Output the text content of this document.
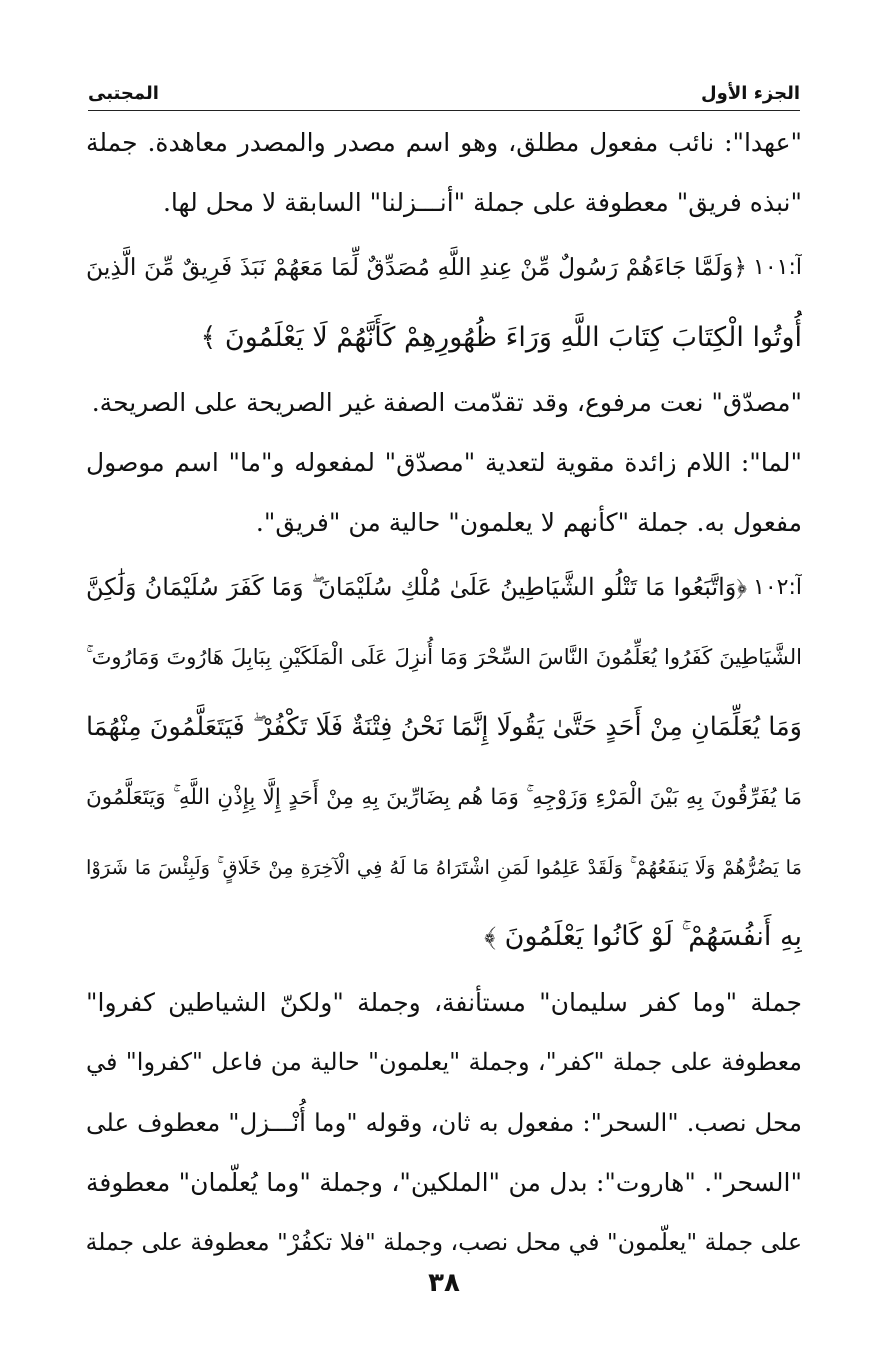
الجزء الأول
المجتبى
"عهدا": نائب مفعول مطلق، وهو اسم مصدر والمصدر معاهدة. جملة
"نبذه فريق" معطوفة على جملة "أنـــزلنا" السابقة لا محل لها.
آ:١٠١
﴿وَلَمَّا جَاءَهُمْ رَسُولٌ مِّنْ عِندِ اللَّهِ مُصَدِّقٌ لِّمَا مَعَهُمْ نَبَذَ فَرِيقٌ مِّنَ الَّذِينَ
أُوتُوا الْكِتَابَ كِتَابَ اللَّهِ وَرَاءَ ظُهُورِهِمْ كَأَنَّهُمْ لَا يَعْلَمُونَ ﴾
"مصدّق" نعت مرفوع، وقد تقدّمت الصفة غير الصريحة على الصريحة.
"لما": اللام زائدة مقوية لتعدية "مصدّق" لمفعوله و"ما" اسم موصول
مفعول به. جملة "كأنهم لا يعلمون" حالية من "فريق".
آ:١٠٢
﴿وَاتَّبَعُوا مَا تَتْلُو الشَّيَاطِينُ عَلَىٰ مُلْكِ سُلَيْمَانَ ۖ وَمَا كَفَرَ سُلَيْمَانُ وَلَٰكِنَّ
الشَّيَاطِينَ كَفَرُوا يُعَلِّمُونَ النَّاسَ السِّحْرَ وَمَا أُنزِلَ عَلَى الْمَلَكَيْنِ بِبَابِلَ هَارُوتَ وَمَارُوتَ ۚ
وَمَا يُعَلِّمَانِ مِنْ أَحَدٍ حَتَّىٰ يَقُولَا إِنَّمَا نَحْنُ فِتْنَةٌ فَلَا تَكْفُرْ ۖ فَيَتَعَلَّمُونَ مِنْهُمَا
مَا يُفَرِّقُونَ بِهِ بَيْنَ الْمَرْءِ وَزَوْجِهِ ۚ وَمَا هُم بِضَارِّينَ بِهِ مِنْ أَحَدٍ إِلَّا بِإِذْنِ اللَّهِ ۚ وَيَتَعَلَّمُونَ
مَا يَضُرُّهُمْ وَلَا يَنفَعُهُمْ ۚ وَلَقَدْ عَلِمُوا لَمَنِ اشْتَرَاهُ مَا لَهُ فِي الْآخِرَةِ مِنْ خَلَاقٍ ۚ وَلَبِئْسَ مَا شَرَوْا
بِهِ أَنفُسَهُمْ ۚ لَوْ كَانُوا يَعْلَمُونَ ﴾
جملة "وما كفر سليمان" مستأنفة، وجملة "ولكنّ الشياطين كفروا"
معطوفة على جملة "كفر"، وجملة "يعلمون" حالية من فاعل "كفروا" في
محل نصب. "السحر": مفعول به ثان، وقوله "وما أُنْـــزل" معطوف على
"السحر". "هاروت": بدل من "الملكين"، وجملة "وما يُعلّمان" معطوفة
على جملة "يعلّمون" في محل نصب، وجملة "فلا تكفُرْ" معطوفة على جملة
٣٨
